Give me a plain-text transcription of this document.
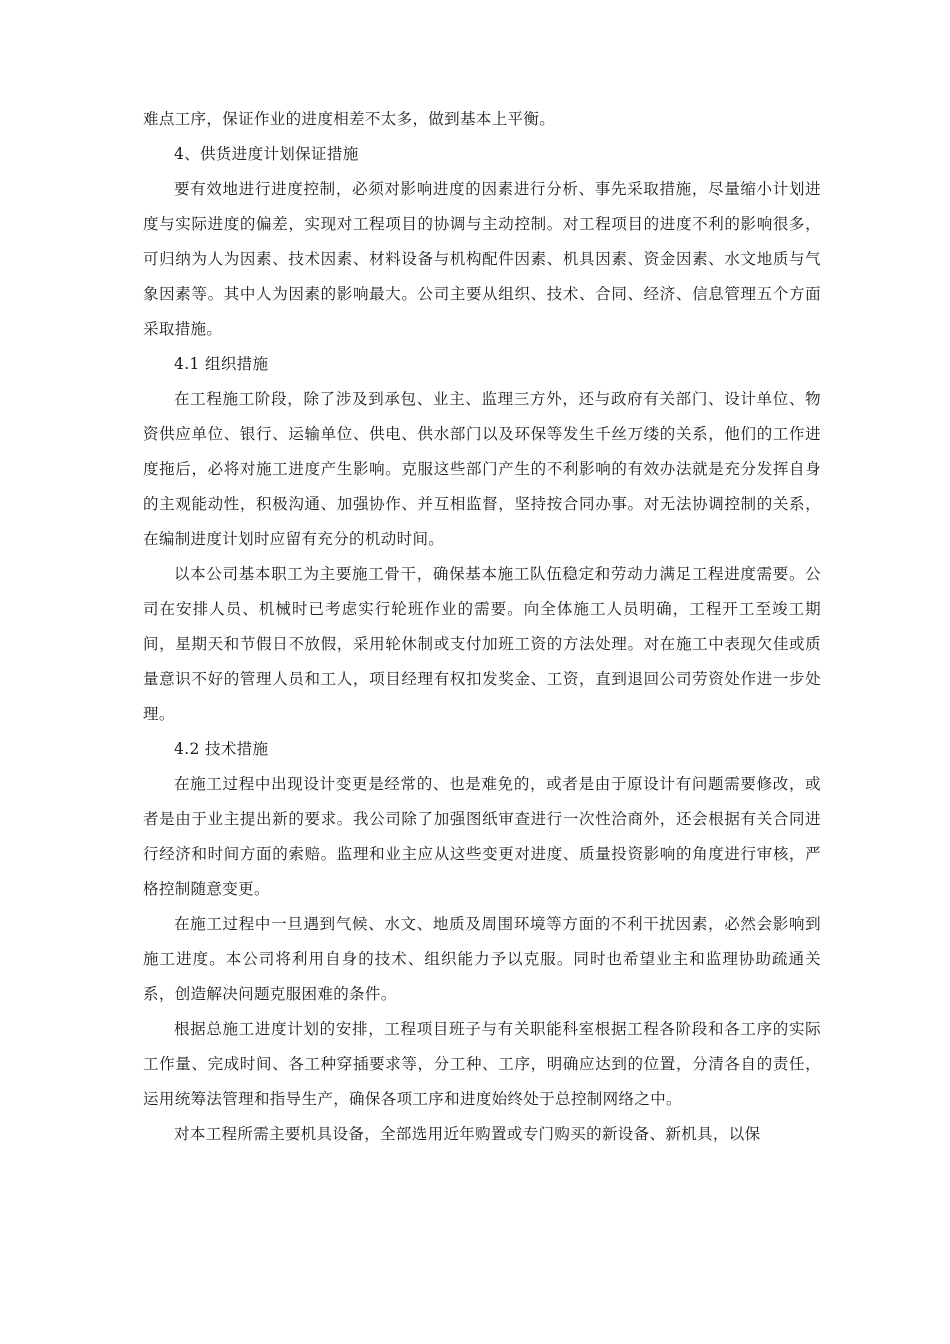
难点工序，保证作业的进度相差不太多，做到基本上平衡。

4、供货进度计划保证措施

要有效地进行进度控制，必须对影响进度的因素进行分析、事先采取措施，尽量缩小计划进度与实际进度的偏差，实现对工程项目的协调与主动控制。对工程项目的进度不利的影响很多，可归纳为人为因素、技术因素、材料设备与机构配件因素、机具因素、资金因素、水文地质与气象因素等。其中人为因素的影响最大。公司主要从组织、技术、合同、经济、信息管理五个方面采取措施。

4.1 组织措施

在工程施工阶段，除了涉及到承包、业主、监理三方外，还与政府有关部门、设计单位、物资供应单位、银行、运输单位、供电、供水部门以及环保等发生千丝万缕的关系，他们的工作进度拖后，必将对施工进度产生影响。克服这些部门产生的不利影响的有效办法就是充分发挥自身的主观能动性，积极沟通、加强协作、并互相监督，坚持按合同办事。对无法协调控制的关系，在编制进度计划时应留有充分的机动时间。

以本公司基本职工为主要施工骨干，确保基本施工队伍稳定和劳动力满足工程进度需要。公司在安排人员、机械时已考虑实行轮班作业的需要。向全体施工人员明确，工程开工至竣工期间，星期天和节假日不放假，采用轮休制或支付加班工资的方法处理。对在施工中表现欠佳或质量意识不好的管理人员和工人，项目经理有权扣发奖金、工资，直到退回公司劳资处作进一步处理。

4.2 技术措施

在施工过程中出现设计变更是经常的、也是难免的，或者是由于原设计有问题需要修改，或者是由于业主提出新的要求。我公司除了加强图纸审查进行一次性洽商外，还会根据有关合同进行经济和时间方面的索赔。监理和业主应从这些变更对进度、质量投资影响的角度进行审核，严格控制随意变更。

在施工过程中一旦遇到气候、水文、地质及周围环境等方面的不利干扰因素，必然会影响到施工进度。本公司将利用自身的技术、组织能力予以克服。同时也希望业主和监理协助疏通关系，创造解决问题克服困难的条件。

根据总施工进度计划的安排，工程项目班子与有关职能科室根据工程各阶段和各工序的实际工作量、完成时间、各工种穿插要求等，分工种、工序，明确应达到的位置，分清各自的责任，运用统筹法管理和指导生产，确保各项工序和进度始终处于总控制网络之中。

对本工程所需主要机具设备，全部选用近年购置或专门购买的新设备、新机具，以保
